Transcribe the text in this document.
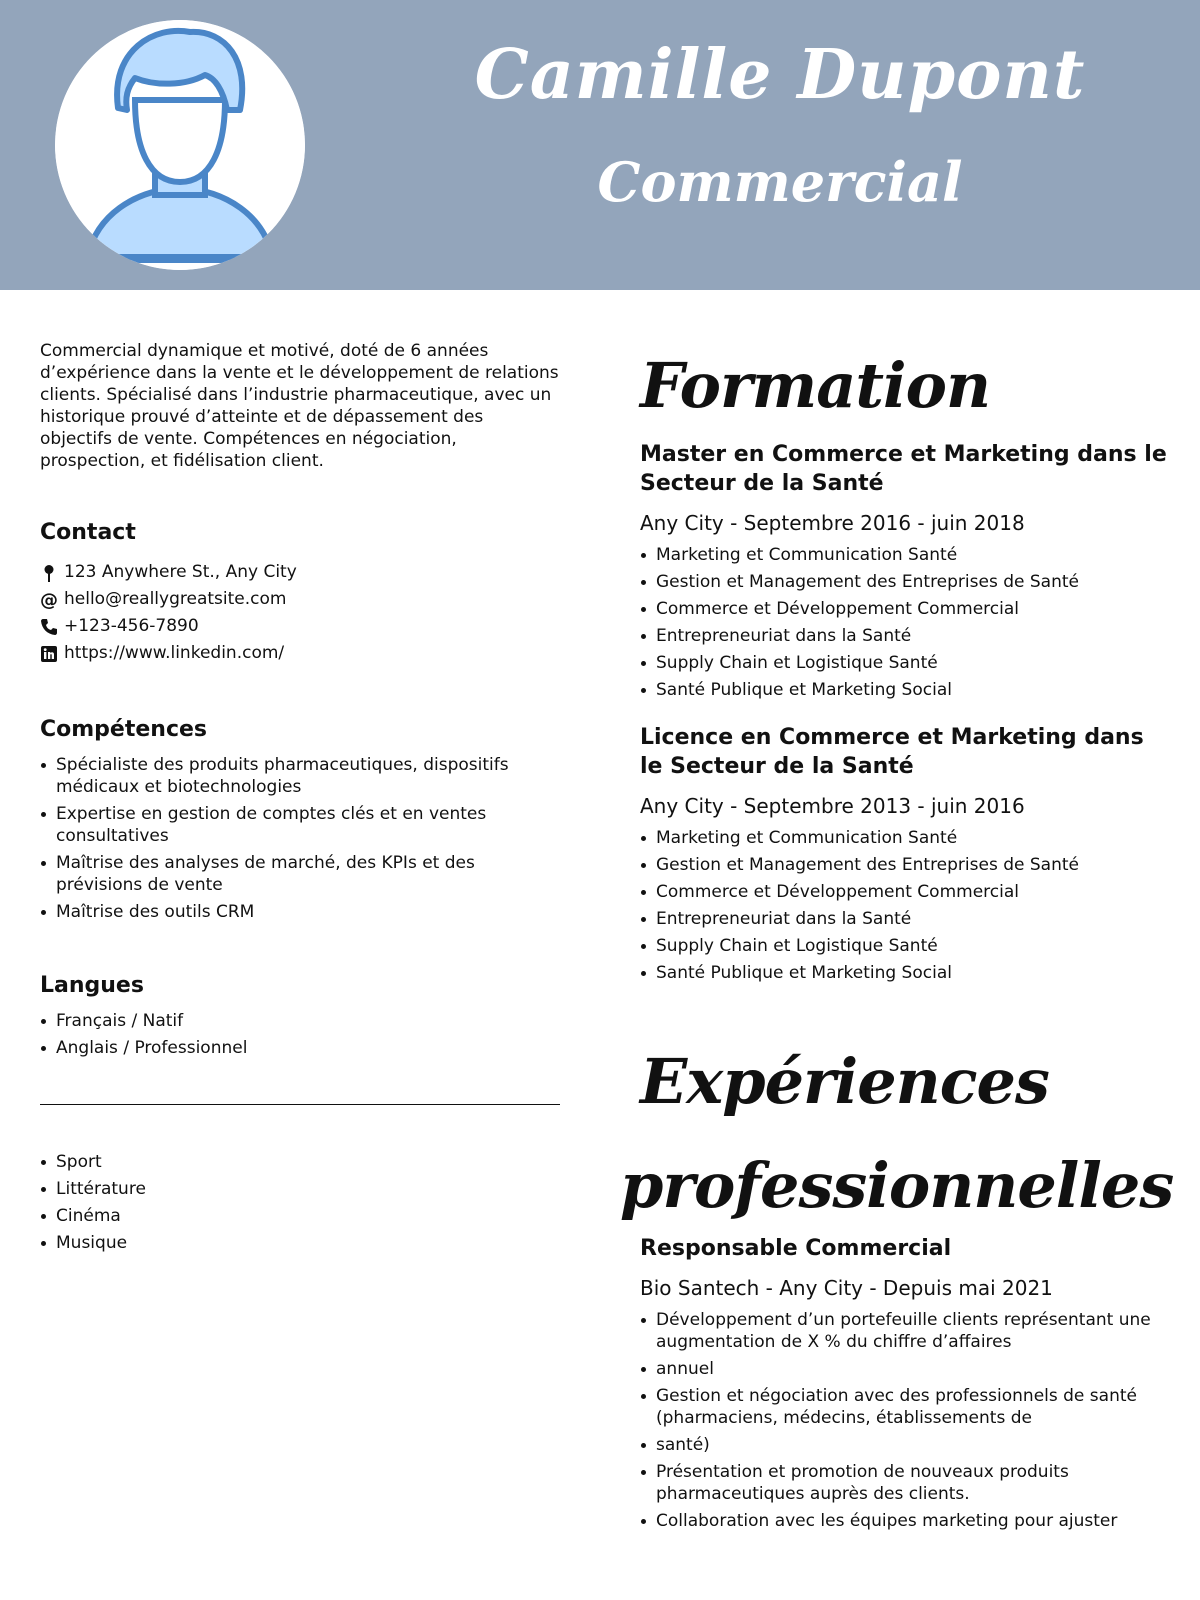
Camille Dupont
Commercial

Commercial dynamique et motivé, doté de 6 années d’expérience dans la vente et le développement de relations clients. Spécialisé dans l’industrie pharmaceutique, avec un historique prouvé d’atteinte et de dépassement des objectifs de vente. Compétences en négociation, prospection, et fidélisation client.

Contact
123 Anywhere St., Any City
@ hello@reallygreatsite.com
+123-456-7890
https://www.linkedin.com/
Compétences
Spécialiste des produits pharmaceutiques, dispositifs médicaux et biotechnologies
Expertise en gestion de comptes clés et en ventes consultatives
Maîtrise des analyses de marché, des KPIs et des prévisions de vente
Maîtrise des outils CRM
Langues
Français / Natif
Anglais / Professionnel
Sport
Littérature
Cinéma
Musique
Formation
Master en Commerce et Marketing dans le Secteur de la Santé

Any City - Septembre 2016 - juin 2018

Marketing et Communication Santé
Gestion et Management des Entreprises de Santé
Commerce et Développement Commercial
Entrepreneuriat dans la Santé
Supply Chain et Logistique Santé
Santé Publique et Marketing Social
Licence en Commerce et Marketing dans le Secteur de la Santé

Any City - Septembre 2013 - juin 2016

Marketing et Communication Santé
Gestion et Management des Entreprises de Santé
Commerce et Développement Commercial
Entrepreneuriat dans la Santé
Supply Chain et Logistique Santé
Santé Publique et Marketing Social
Expériences
professionnelles
Responsable Commercial

Bio Santech - Any City - Depuis mai 2021

Développement d’un portefeuille clients représentant une augmentation de X % du chiffre d’affaires
annuel
Gestion et négociation avec des professionnels de santé (pharmaciens, médecins, établissements de
santé)
Présentation et promotion de nouveaux produits pharmaceutiques auprès des clients.
Collaboration avec les équipes marketing pour ajuster
